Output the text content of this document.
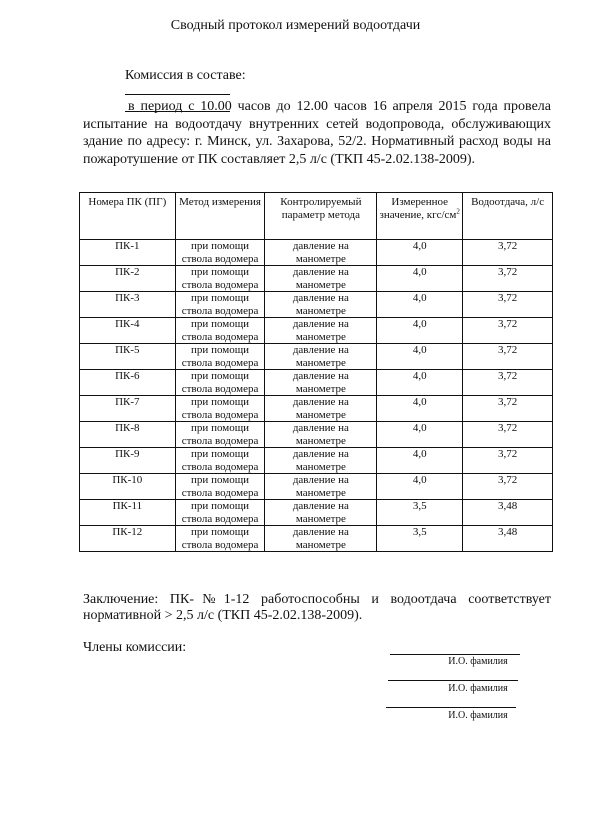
Сводный протокол измерений водоотдачи
Комиссия в составе:
в период с 10.00 часов до 12.00 часов 16 апреля 2015 года провела испытание на водоотдачу внутренних сетей водопровода, обслуживающих здание по адресу: г. Минск, ул. Захарова, 52/2. Нормативный расход воды на пожаротушение от ПК составляет 2,5 л/с (ТКП 45-2.02.138-2009).
Номера ПК (ПГ)	Метод измерения	Контролируемый параметр метода	Измеренное значение, кгс/$см^2$	Водоотдача, л/с
ПК-1	при помощи ствола водомера	давление на манометре	4,0	3,72
ПК-2	при помощи ствола водомера	давление на манометре	4,0	3,72
ПК-3	при помощи ствола водомера	давление на манометре	4,0	3,72
ПК-4	при помощи ствола водомера	давление на манометре	4,0	3,72
ПК-5	при помощи ствола водомера	давление на манометре	4,0	3,72
ПК-6	при помощи ствола водомера	давление на манометре	4,0	3,72
ПК-7	при помощи ствола водомера	давление на манометре	4,0	3,72
ПК-8	при помощи ствола водомера	давление на манометре	4,0	3,72
ПК-9	при помощи ствола водомера	давление на манометре	4,0	3,72
ПК-10	при помощи ствола водомера	давление на манометре	4,0	3,72
ПК-11	при помощи ствола водомера	давление на манометре	3,5	3,48
ПК-12	при помощи ствола водомера	давление на манометре	3,5	3,48
Заключение: ПК-№1-12 работоспособны и водоотдача соответствует нормативной > 2,5 л/с (ТКП 45-2.02.138-2009).
Члены комиссии:
И.О. фамилия
И.О. фамилия
И.О. фамилия
